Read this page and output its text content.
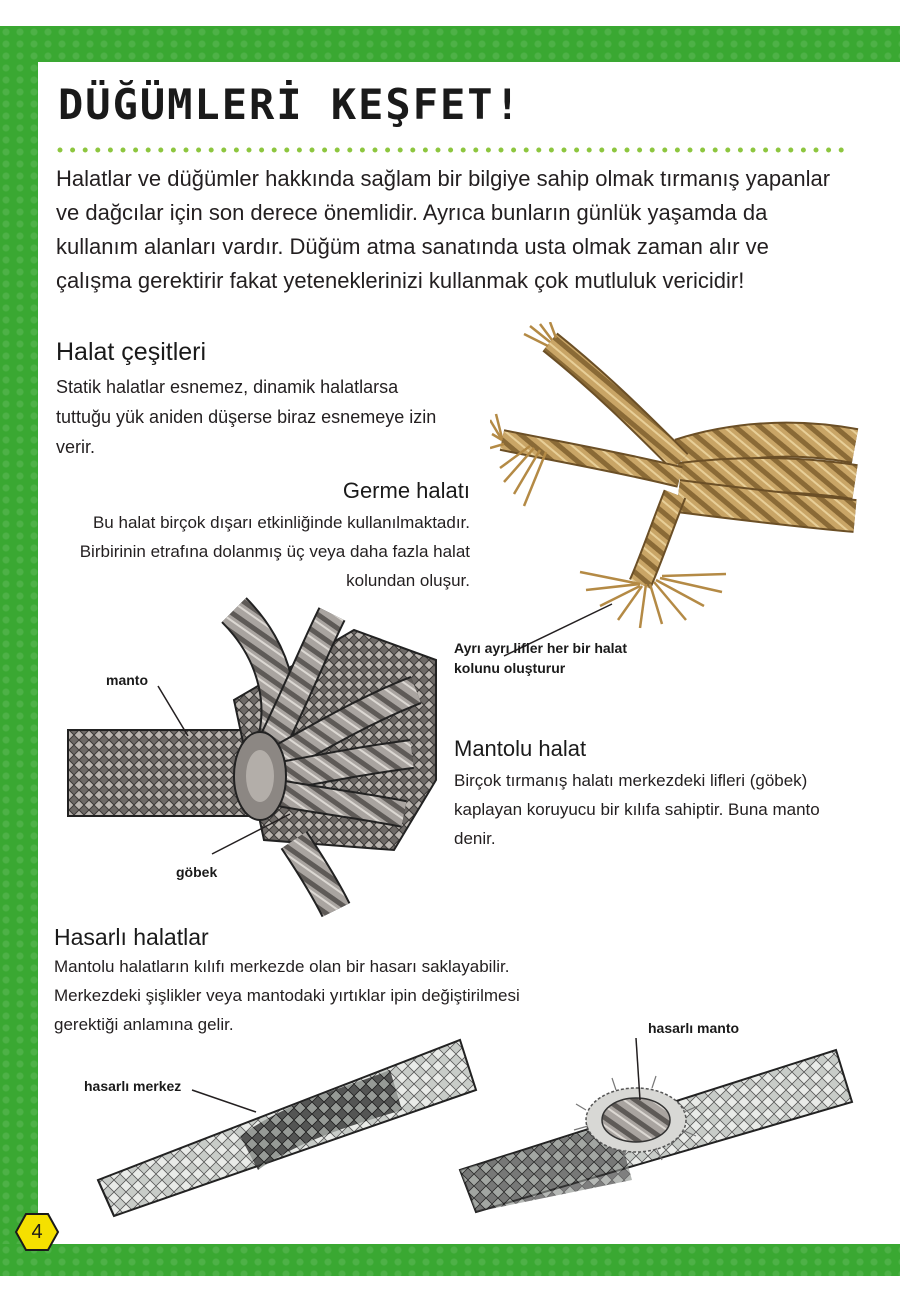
DÜĞÜMLERİ KEŞFET!

Halatlar ve düğümler hakkında sağlam bir bilgiye sahip olmak tırmanış yapanlar ve dağcılar için son derece önemlidir. Ayrıca bunların günlük yaşamda da kullanım alanları vardır. Düğüm atma sanatında usta olmak zaman alır ve çalışma gerektirir fakat yeteneklerinizi kullanmak çok mutluluk vericidir!

Halat çeşitleri

Statik halatlar esnemez, dinamik halatlarsa tuttuğu yük aniden düşerse biraz esnemeye izin verir.

Germe halatı

Bu halat birçok dışarı etkinliğinde kullanılmaktadır. Birbirinin etrafına dolanmış üç veya daha fazla halat kolundan oluşur.

Ayrı ayrı lifler her bir halat kolunu oluşturur

manto

göbek

Mantolu halat

Birçok tırmanış halatı merkezdeki lifleri (göbek) kaplayan koruyucu bir kılıfa sahiptir. Buna manto denir.

Hasarlı halatlar

Mantolu halatların kılıfı merkezde olan bir hasarı saklayabilir. Merkezdeki şişlikler veya mantodaki yırtıklar ipin değiştirilmesi gerektiği anlamına gelir.

hasarlı merkez

hasarlı manto

4
